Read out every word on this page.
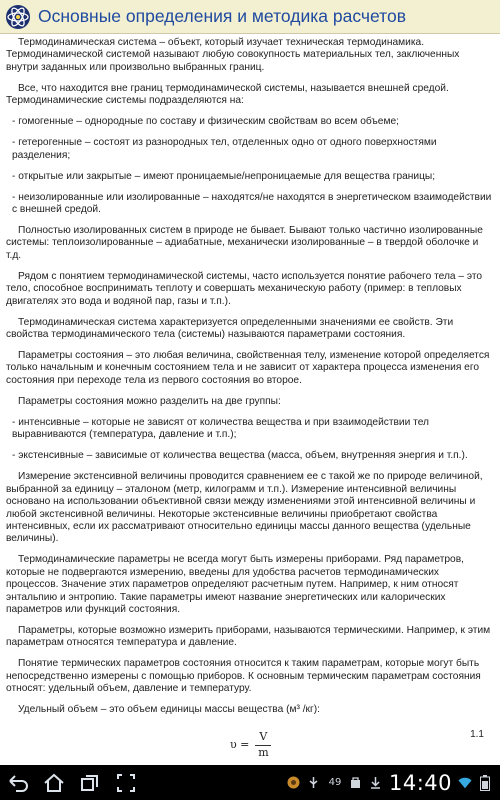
Основные определения и методика расчетов

Термодинамическая система – объект, который изучает техническая термодинамика. Термодинамической системой называют любую совокупность материальных тел, заключенных внутри заданных или произвольно выбранных границ.

Все, что находится вне границ термодинамической системы, называется внешней средой. Термодинамические системы подразделяются на:

- гомогенные – однородные по составу и физическим свойствам во всем объеме;

- гетерогенные – состоят из разнородных тел, отделенных одно от одного поверхностями разделения;

- открытые или закрытые – имеют проницаемые/непроницаемые для вещества границы;

- неизолированные или изолированные – находятся/не находятся в энергетическом взаимодействии с внешней средой.

Полностью изолированных систем в природе не бывает. Бывают только частично изолированные системы: теплоизолированные – адиабатные, механически изолированные – в твердой оболочке и т.д.

Рядом с понятием термодинамической системы, часто используется понятие рабочего тела – это тело, способное воспринимать теплоту и совершать механическую работу (пример: в тепловых двигателях это вода и водяной пар, газы и т.п.).

Термодинамическая система характеризуется определенными значениями ее свойств. Эти свойства термодинамического тела (системы) называются параметрами состояния.

Параметры состояния – это любая величина, свойственная телу, изменение которой определяется только начальным и конечным состоянием тела и не зависит от характера процесса изменения его состояния при переходе тела из первого состояния во второе.

Параметры состояния можно разделить на две группы:

- интенсивные – которые не зависят от количества вещества и при взаимодействии тел выравниваются (температура, давление и т.п.);

- экстенсивные – зависимые от количества вещества (масса, объем, внутренняя энергия и т.п.).

Измерение экстенсивной величины проводится сравнением ее с такой же по природе величиной, выбранной за единицу – эталоном (метр, килограмм и т.п.). Измерение интенсивной величины основано на использовании объективной связи между изменениями этой интенсивной величины и любой экстенсивной величины. Некоторые экстенсивные величины приобретают свойства интенсивных, если их рассматривают относительно единицы массы данного вещества (удельные величины).

Термодинамические параметры не всегда могут быть измерены приборами. Ряд параметров, которые не подвергаются измерению, введены для удобства расчетов термодинамических процессов. Значение этих параметров определяют расчетным путем. Например, к ним относят энтальпию и энтропию. Такие параметры имеют название энергетических или калорических параметров или функций состояния.

Параметры, которые возможно измерить приборами, называются термическими. Например, к этим параметрам относятся температура и давление.

Понятие термических параметров состояния относится к таким параметрам, которые могут быть непосредственно измерены с помощью приборов. К основным термическим параметрам состояния относят: удельный объем, давление и температуру.

Удельный объем – это объем единицы массы вещества (м³ /кг):

$\upsilon = \frac{V}{m}$	1.1
49 14:40
